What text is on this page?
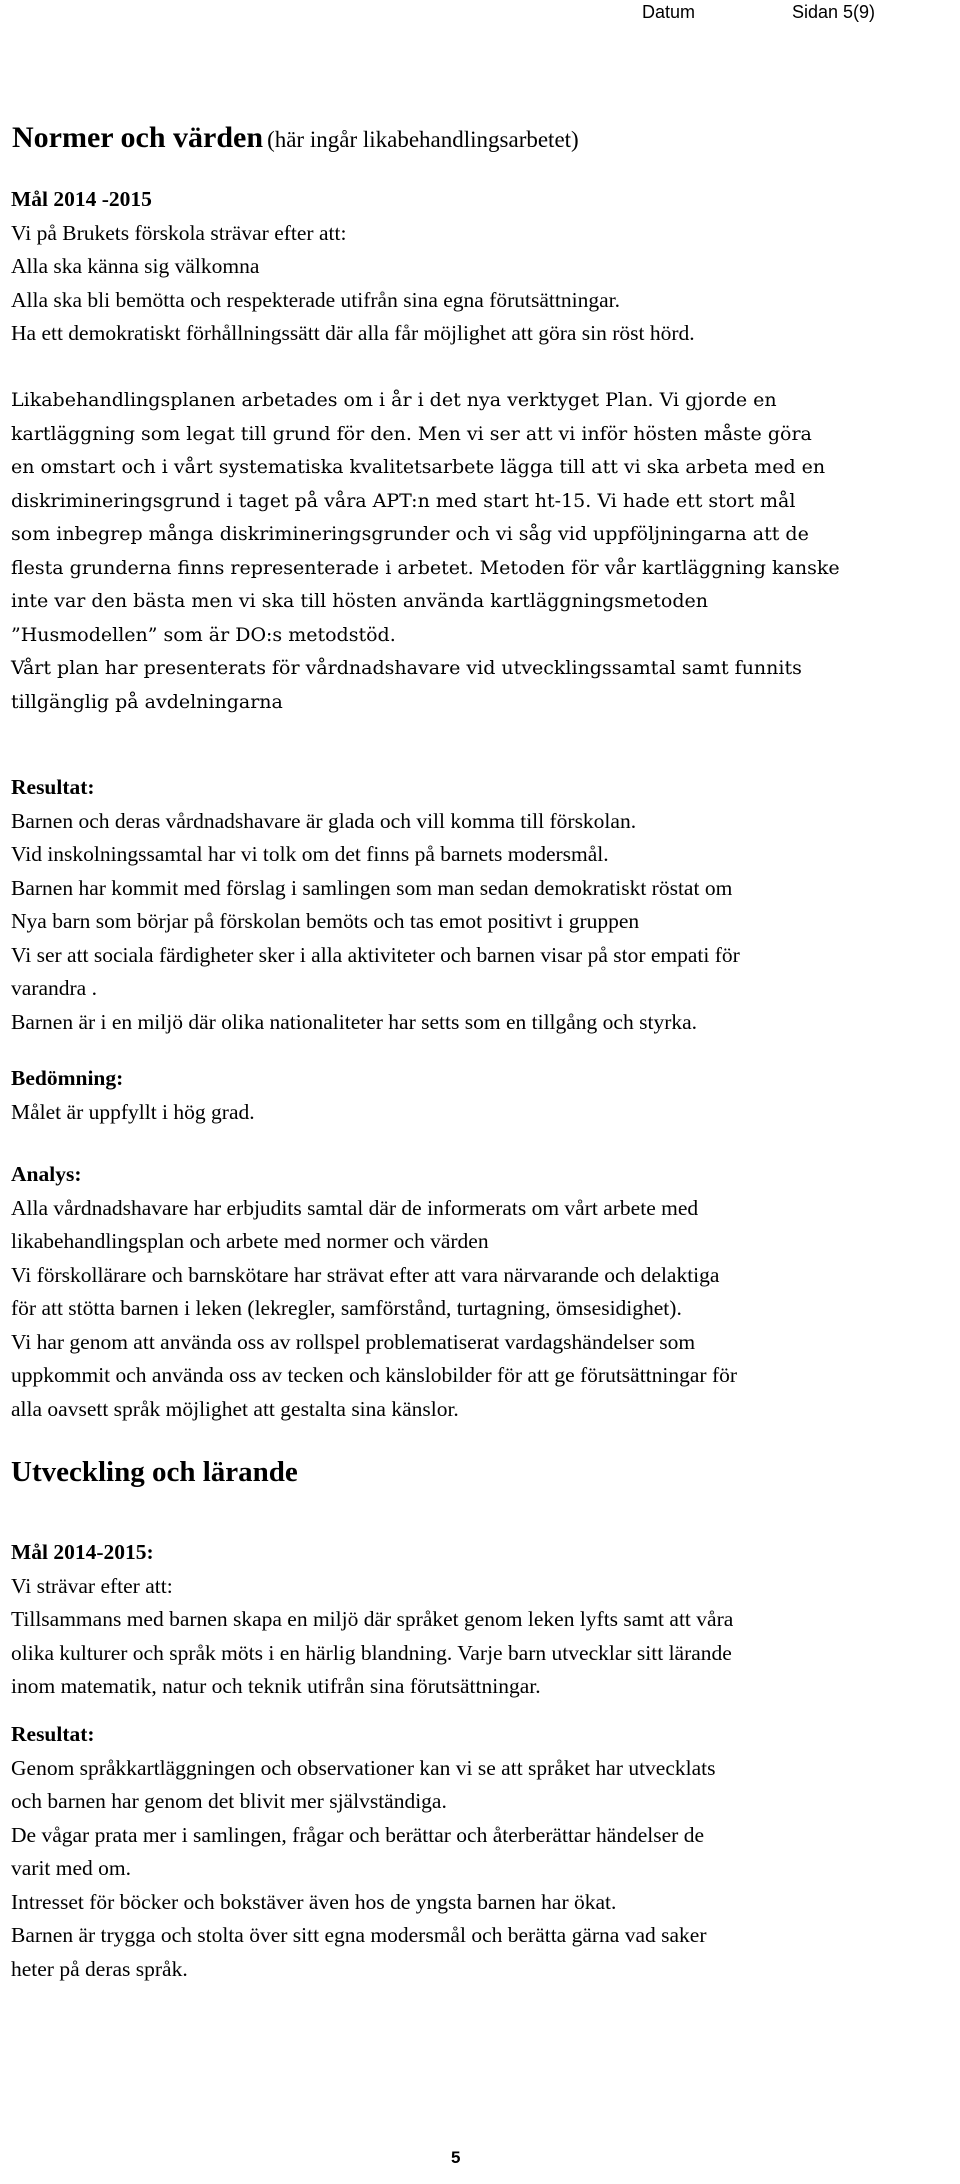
Datum	Sidan 5(9)
Normer och värden (här ingår likabehandlingsarbetet)

Mål 2014 -2015

Vi på Brukets förskola strävar efter att:

Alla ska känna sig välkomna

Alla ska bli bemötta och respekterade utifrån sina egna förutsättningar.

Ha ett demokratiskt förhållningssätt där alla får möjlighet att göra sin röst hörd.

Likabehandlingsplanen arbetades om i år i det nya verktyget Plan. Vi gjorde en

kartläggning som legat till grund för den. Men vi ser att vi inför hösten måste göra

en omstart och i vårt systematiska kvalitetsarbete lägga till att vi ska arbeta med en

diskrimineringsgrund i taget på våra APT:n med start ht-15. Vi hade ett stort mål

som inbegrep många diskrimineringsgrunder och vi såg vid uppföljningarna att de

flesta grunderna finns representerade i arbetet. Metoden för vår kartläggning kanske

inte var den bästa men vi ska till hösten använda kartläggningsmetoden

”Husmodellen” som är DO:s metodstöd.

Vårt plan har presenterats för vårdnadshavare vid utvecklingssamtal samt funnits

tillgänglig på avdelningarna

Resultat:

Barnen och deras vårdnadshavare är glada och vill komma till förskolan.

Vid inskolningssamtal har vi tolk om det finns på barnets modersmål.

Barnen har kommit med förslag i samlingen som man sedan demokratiskt röstat om

Nya barn som börjar på förskolan bemöts och tas emot positivt i gruppen

Vi ser att sociala färdigheter sker i alla aktiviteter och barnen visar på stor empati för

varandra .

Barnen är i en miljö där olika nationaliteter har setts som en tillgång och styrka.

Bedömning:

Målet är uppfyllt i hög grad.

Analys:

Alla vårdnadshavare har erbjudits samtal där de informerats om vårt arbete med

likabehandlingsplan och arbete med normer och värden

Vi förskollärare och barnskötare har strävat efter att vara närvarande och delaktiga

för att stötta barnen i leken (lekregler, samförstånd, turtagning, ömsesidighet).

Vi har genom att använda oss av rollspel problematiserat vardagshändelser som

uppkommit och använda oss av tecken och känslobilder för att ge förutsättningar för

alla oavsett språk möjlighet att gestalta sina känslor.

Utveckling och lärande

Mål 2014-2015:

Vi strävar efter att:

Tillsammans med barnen skapa en miljö där språket genom leken lyfts samt att våra

olika kulturer och språk möts i en härlig blandning. Varje barn utvecklar sitt lärande

inom matematik, natur och teknik utifrån sina förutsättningar.

Resultat:

Genom språkkartläggningen och observationer kan vi se att språket har utvecklats

och barnen har genom det blivit mer självständiga.

De vågar prata mer i samlingen, frågar och berättar och återberättar händelser de

varit med om.

Intresset för böcker och bokstäver även hos de yngsta barnen har ökat.

Barnen är trygga och stolta över sitt egna modersmål och berätta gärna vad saker

heter på deras språk.

5
